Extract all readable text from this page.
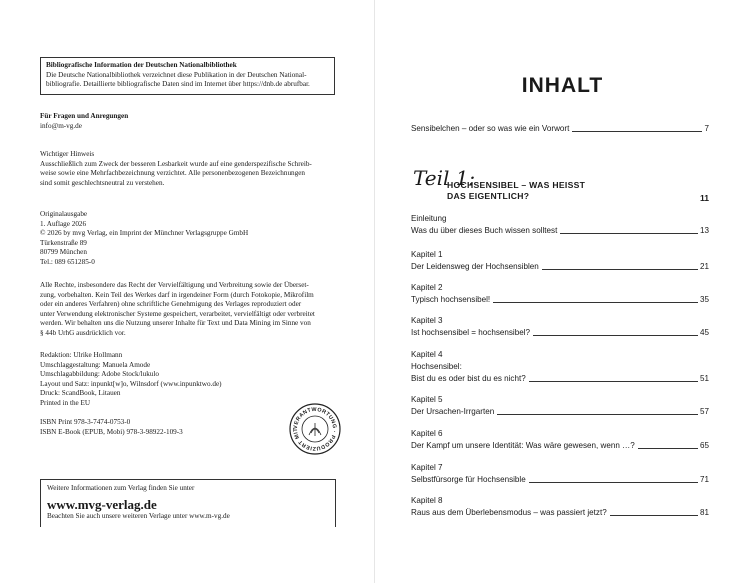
Bibliografische Information der Deutschen Nationalbibliothek
Die Deutsche Nationalbibliothek verzeichnet diese Publikation in der Deutschen National-
bibliografie. Detaillierte bibliografische Daten sind im Internet über https://dnb.de abrufbar.

Für Fragen und Anregungen

info@m-vg.de

Wichtiger Hinweis

Ausschließlich zum Zweck der besseren Lesbarkeit wurde auf eine genderspezifische Schreib-

weise sowie eine Mehrfachbezeichnung verzichtet. Alle personenbezogenen Bezeichnungen

sind somit geschlechtsneutral zu verstehen.

Originalausgabe

1. Auflage 2026

© 2026 by mvg Verlag, ein Imprint der Münchner Verlagsgruppe GmbH

Türkenstraße 89

80799 München

Tel.: 089 651285-0

Alle Rechte, insbesondere das Recht der Vervielfältigung und Verbreitung sowie der Überset-

zung, vorbehalten. Kein Teil des Werkes darf in irgendeiner Form (durch Fotokopie, Mikrofilm

oder ein anderes Verfahren) ohne schriftliche Genehmigung des Verlages reproduziert oder

unter Verwendung elektronischer Systeme gespeichert, verarbeitet, vervielfältigt oder verbreitet

werden. Wir behalten uns die Nutzung unserer Inhalte für Text und Data Mining im Sinne von

§ 44b UrhG ausdrücklich vor.

Redaktion: Ulrike Hollmann

Umschlaggestaltung: Manuela Amode

Umschlagabbildung: Adobe Stock/lukulo

Layout und Satz: inpunkt[w]o, Wilnsdorf (www.inpunktwo.de)

Druck: ScandBook, Litauen

Printed in the EU

ISBN Print 978-3-7474-0753-0

ISBN E-Book (EPUB, Mobi) 978-3-98922-109-3

VERANTWORTUNG · PRODUZIERT MIT
Weitere Informationen zum Verlag finden Sie unter
www.mvg-verlag.de
Beachten Sie auch unsere weiteren Verlage unter www.m-vg.de
INHALT
Sensibelchen – oder so was wie ein Vorwort	7
Teil 1:
HOCHSENSIBEL – WAS HEISST
DAS EIGENTLICH?	11
Einleitung
Was du über dieses Buch wissen solltest	13
Kapitel 1
Der Leidensweg der Hochsensiblen	21
Kapitel 2
Typisch hochsensibel!	35
Kapitel 3
Ist hochsensibel = hochsensibel?	45
Kapitel 4
Hochsensibel:
Bist du es oder bist du es nicht?	51
Kapitel 5
Der Ursachen-Irrgarten	57
Kapitel 6
Der Kampf um unsere Identität: Was wäre gewesen, wenn …?	65
Kapitel 7
Selbstfürsorge für Hochsensible	71
Kapitel 8
Raus aus dem Überlebensmodus – was passiert jetzt?	81
